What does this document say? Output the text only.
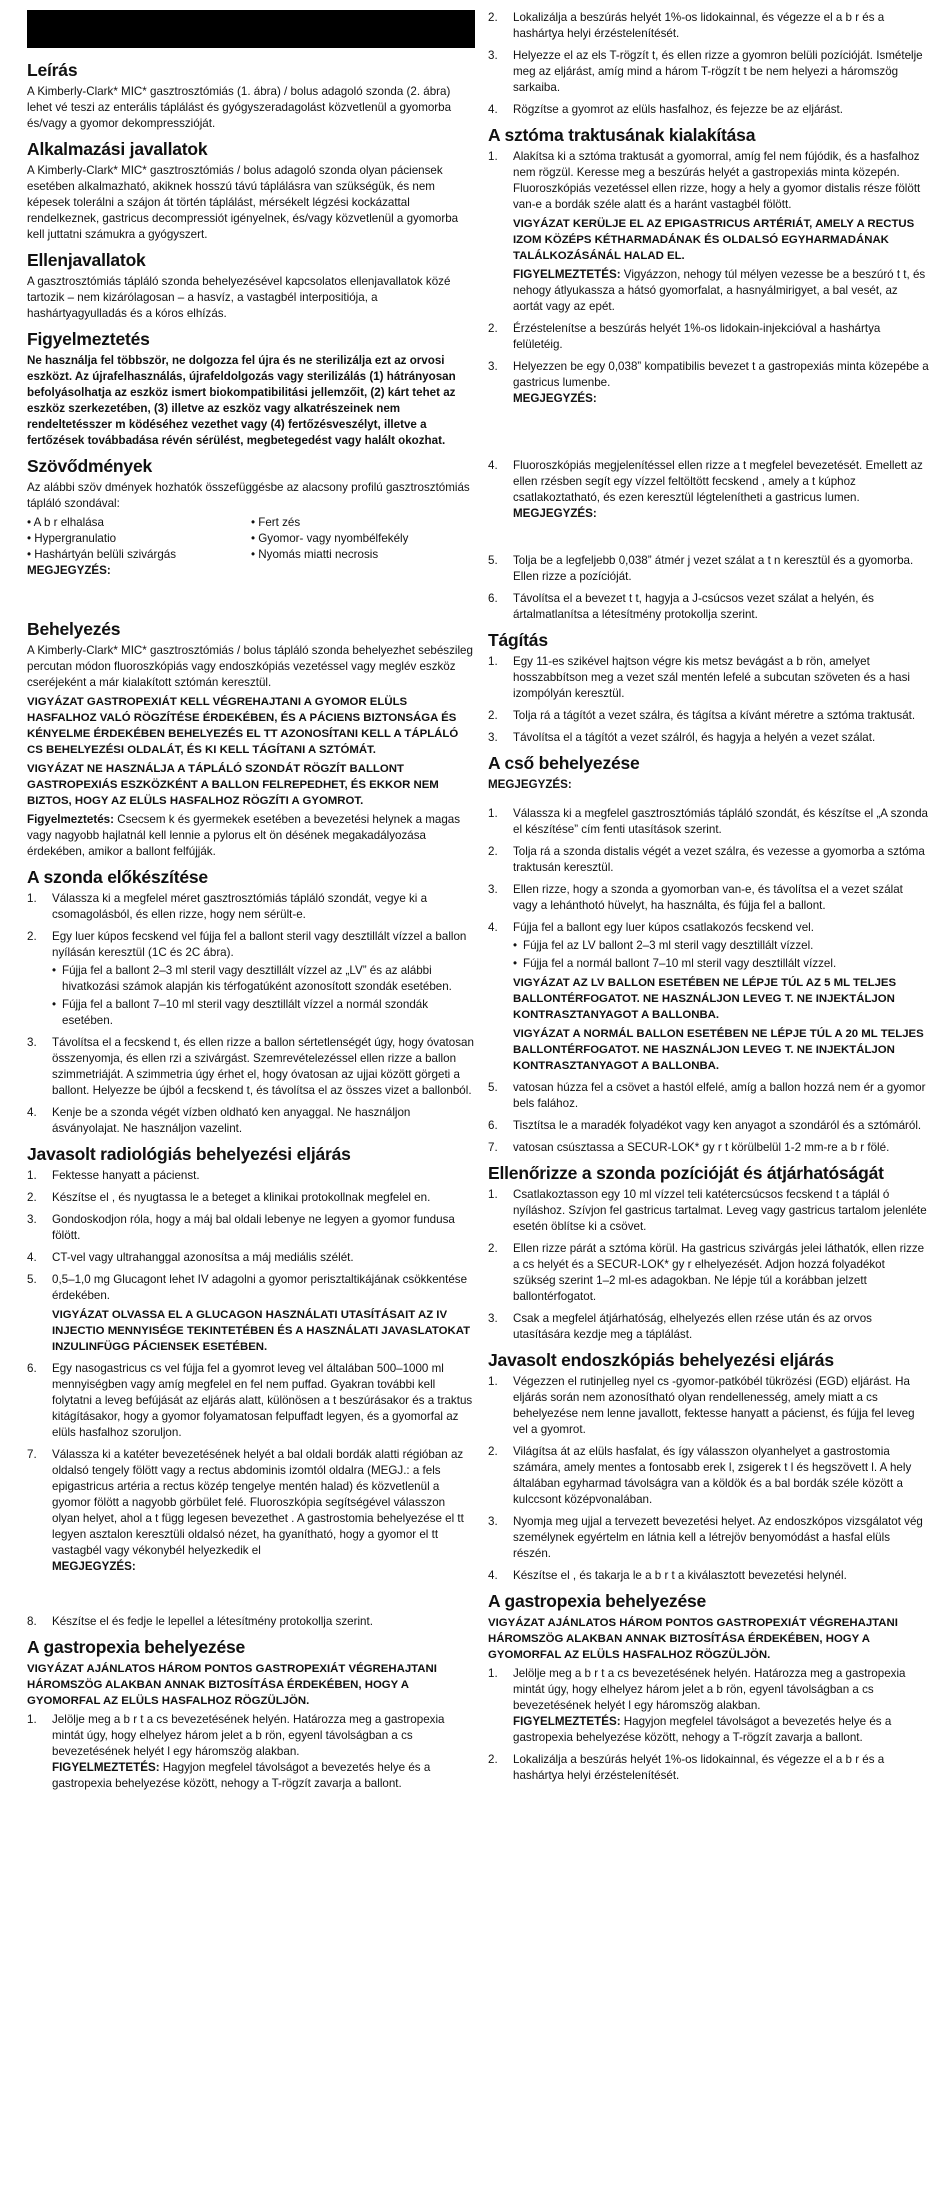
Leírás

A Kimberly-Clark* MIC* gasztrosztómiás (1. ábra) / bolus adagoló szonda (2. ábra) lehet vé teszi az enterális táplálást és gyógyszeradagolást közvetlenül a gyomorba és/vagy a gyomor dekompresszióját.

Alkalmazási javallatok

A Kimberly-Clark* MIC* gasztrosztómiás / bolus adagoló szonda olyan páciensek esetében alkalmazható, akiknek hosszú távú táplálásra van szükségük, és nem képesek tolerálni a szájon át történ táplálást, mérsékelt légzési kockázattal rendelkeznek, gastricus decompressiót igényelnek, és/vagy közvetlenül a gyomorba kell juttatni számukra a gyógyszert.

Ellenjavallatok

A gasztrosztómiás tápláló szonda behelyezésével kapcsolatos ellenjavallatok közé tartozik – nem kizárólagosan – a hasvíz, a vastagbél interpositiója, a hashártyagyulladás és a kóros elhízás.

Figyelmeztetés

Ne használja fel többször, ne dolgozza fel újra és ne sterilizálja ezt az orvosi eszközt. Az újrafelhasználás, újrafeldolgozás vagy sterilizálás (1) hátrányosan befolyásolhatja az eszköz ismert biokompatibilitási jellemzőit, (2) kárt tehet az eszköz szerkezetében, (3) illetve az eszköz vagy alkatrészeinek nem rendeltetésszer m ködéséhez vezethet vagy (4) fertőzésveszélyt, illetve a fertőzések továbbadása révén sérülést, megbetegedést vagy halált okozhat.

Szövődmények

Az alábbi szöv dmények hozhatók összefüggésbe az alacsony profilú gasztrosztómiás tápláló szondával:

• A b r elhalása
• Hypergranulatio
• Hashártyán belüli szivárgás
• Fert zés
• Gyomor- vagy nyombélfekély
• Nyomás miatti necrosis

MEGJEGYZÉS:

Behelyezés

A Kimberly-Clark* MIC* gasztrosztómiás / bolus tápláló szonda behelyezhet sebészileg percutan módon fluoroszkópiás vagy endoszkópiás vezetéssel vagy meglév eszköz cseréjeként a már kialakított sztómán keresztül.

VIGYÁZAT GASTROPEXIÁT KELL VÉGREHAJTANI A GYOMOR ELÜLS HASFALHOZ VALÓ RÖGZÍTÉSE ÉRDEKÉBEN, ÉS A PÁCIENS BIZTONSÁGA ÉS KÉNYELME ÉRDEKÉBEN BEHELYEZÉS EL TT AZONOSÍTANI KELL A TÁPLÁLÓ CS BEHELYEZÉSI OLDALÁT, ÉS KI KELL TÁGÍTANI A SZTÓMÁT.

VIGYÁZAT NE HASZNÁLJA A TÁPLÁLÓ SZONDÁT RÖGZÍT BALLONT GASTROPEXIÁS ESZKÖZKÉNT A BALLON FELREPEDHET, ÉS EKKOR NEM BIZTOS, HOGY AZ ELÜLS HASFALHOZ RÖGZÍTI A GYOMROT.

Figyelmeztetés: Csecsem k és gyermekek esetében a bevezetési helynek a magas vagy nagyobb hajlatnál kell lennie a pylorus elt ön désének megakadályozása érdekében, amikor a ballont felfújják.

A szonda előkészítése
1. Válassza ki a megfelel méret gasztrosztómiás tápláló szondát, vegye ki a csomagolásból, és ellen rizze, hogy nem sérült-e.
2. Egy luer kúpos fecskend vel fújja fel a ballont steril vagy desztillált vízzel a ballon nyílásán keresztül (1C és 2C ábra).
• Fújja fel a ballont 2–3 ml steril vagy desztillált vízzel az „LV” és az alábbi hivatkozási számok alapján kis térfogatúként azonosított szondák esetében.
• Fújja fel a ballont 7–10 ml steril vagy desztillált vízzel a normál szondák esetében.
3. Távolítsa el a fecskend t, és ellen rizze a ballon sértetlenségét úgy, hogy óvatosan összenyomja, és ellen rzi a szivárgást. Szemrevételezéssel ellen rizze a ballon szimmetriáját. A szimmetria úgy érhet el, hogy óvatosan az ujjai között görgeti a ballont. Helyezze be újból a fecskend t, és távolítsa el az összes vizet a ballonból.
4. Kenje be a szonda végét vízben oldható ken anyaggal. Ne használjon ásványolajat. Ne használjon vazelint.
Javasolt radiológiás behelyezési eljárás
1. Fektesse hanyatt a pácienst.
2. Készítse el , és nyugtassa le a beteget a klinikai protokollnak megfelel en.
3. Gondoskodjon róla, hogy a máj bal oldali lebenye ne legyen a gyomor fundusa fölött.
4. CT-vel vagy ultrahanggal azonosítsa a máj mediális szélét.
5. 0,5–1,0 mg Glucagont lehet IV adagolni a gyomor perisztaltikájának csökkentése érdekében.

VIGYÁZAT OLVASSA EL A GLUCAGON HASZNÁLATI UTASÍTÁSAIT AZ IV INJECTIO MENNYISÉGE TEKINTETÉBEN ÉS A HASZNÁLATI JAVASLATOKAT INZULINFÜGG PÁCIENSEK ESETÉBEN.

6. Egy nasogastricus cs vel fújja fel a gyomrot leveg vel általában 500–1000 ml mennyiségben vagy amíg megfelel en fel nem puffad. Gyakran további kell folytatni a leveg befújását az eljárás alatt, különösen a t beszúrásakor és a traktus kitágításakor, hogy a gyomor folyamatosan felpuffadt legyen, és a gyomorfal az elüls hasfalhoz szoruljon.
7. Válassza ki a katéter bevezetésének helyét a bal oldali bordák alatti régióban az oldalsó tengely fölött vagy a rectus abdominis izomtól oldalra (MEGJ.: a fels epigastricus artéria a rectus közép tengelye mentén halad) és közvetlenül a gyomor fölött a nagyobb görbület felé. Fluoroszkópia segítségével válasszon olyan helyet, ahol a t függ legesen bevezethet . A gastrostomia behelyezése el tt legyen asztalon keresztüli oldalsó nézet, ha gyanítható, hogy a gyomor el tt vastagbél vagy vékonybél helyezkedik el

MEGJEGYZÉS:

8. Készítse el és fedje le lepellel a létesítmény protokollja szerint.
A gastropexia behelyezése

VIGYÁZAT AJÁNLATOS HÁROM PONTOS GASTROPEXIÁT VÉGREHAJTANI HÁROMSZÖG ALAKBAN ANNAK BIZTOSÍTÁSA ÉRDEKÉBEN, HOGY A GYOMORFAL AZ ELÜLS HASFALHOZ RÖGZÜLJÖN.

1. Jelölje meg a b r t a cs bevezetésének helyén. Határozza meg a gastropexia mintát úgy, hogy elhelyez három jelet a b rön, egyenl távolságban a cs bevezetésének helyét l egy háromszög alakban.

FIGYELMEZTETÉS: Hagyjon megfelel távolságot a bevezetés helye és a gastropexia behelyezése között, nehogy a T-rögzít zavarja a ballont.

2. Lokalizálja a beszúrás helyét 1%-os lidokainnal, és végezze el a b r és a hashártya helyi érzéstelenítését.
3. Helyezze el az els T-rögzít t, és ellen rizze a gyomron belüli pozícióját. Ismételje meg az eljárást, amíg mind a három T-rögzít t be nem helyezi a háromszög sarkaiba.
4. Rögzítse a gyomrot az elüls hasfalhoz, és fejezze be az eljárást.
A sztóma traktusának kialakítása
1. Alakítsa ki a sztóma traktusát a gyomorral, amíg fel nem fújódik, és a hasfalhoz nem rögzül. Keresse meg a beszúrás helyét a gastropexiás minta közepén. Fluoroszkópiás vezetéssel ellen rizze, hogy a hely a gyomor distalis része fölött van-e a bordák széle alatt és a haránt vastagbél fölött.

VIGYÁZAT KERÜLJE EL AZ EPIGASTRICUS ARTÉRIÁT, AMELY A RECTUS IZOM KÖZÉPS KÉTHARMADÁNAK ÉS OLDALSÓ EGYHARMADÁNAK TALÁLKOZÁSÁNÁL HALAD EL.

FIGYELMEZTETÉS: Vigyázzon, nehogy túl mélyen vezesse be a beszúró t t, és nehogy átlyukassza a hátsó gyomorfalat, a hasnyálmirigyet, a bal vesét, az aortát vagy az epét.

2. Érzéstelenítse a beszúrás helyét 1%-os lidokain-injekcióval a hashártya felületéig.
3. Helyezzen be egy 0,038” kompatibilis bevezet t a gastropexiás minta közepébe a gastricus lumenbe.

MEGJEGYZÉS:

4. Fluoroszkópiás megjelenítéssel ellen rizze a t megfelel bevezetését. Emellett az ellen rzésben segít egy vízzel feltöltött fecskend , amely a t kúphoz csatlakoztatható, és ezen keresztül légtelenítheti a gastricus lumen.

MEGJEGYZÉS:

5. Tolja be a legfeljebb 0,038” átmér j vezet szálat a t n keresztül és a gyomorba. Ellen rizze a pozícióját.
6. Távolítsa el a bevezet t t, hagyja a J-csúcsos vezet szálat a helyén, és ártalmatlanítsa a létesítmény protokollja szerint.
Tágítás
1. Egy 11-es szikével hajtson végre kis metsz bevágást a b rön, amelyet hosszabbítson meg a vezet szál mentén lefelé a subcutan szöveten és a hasi izompólyán keresztül.
2. Tolja rá a tágítót a vezet szálra, és tágítsa a kívánt méretre a sztóma traktusát.
3. Távolítsa el a tágítót a vezet szálról, és hagyja a helyén a vezet szálat.
A cső behelyezése

MEGJEGYZÉS:

1. Válassza ki a megfelel gasztrosztómiás tápláló szondát, és készítse el „A szonda el készítése” cím fenti utasítások szerint.
2. Tolja rá a szonda distalis végét a vezet szálra, és vezesse a gyomorba a sztóma traktusán keresztül.
3. Ellen rizze, hogy a szonda a gyomorban van-e, és távolítsa el a vezet szálat vagy a lehánthotó hüvelyt, ha használta, és fújja fel a ballont.
4. Fújja fel a ballont egy luer kúpos csatlakozós fecskend vel.
• Fújja fel az LV ballont 2–3 ml steril vagy desztillált vízzel.
• Fújja fel a normál ballont 7–10 ml steril vagy desztillált vízzel.

VIGYÁZAT AZ LV BALLON ESETÉBEN NE LÉPJE TÚL AZ 5 ML TELJES BALLONTÉRFOGATOT. NE HASZNÁLJON LEVEG T. NE INJEKTÁLJON KONTRASZTANYAGOT A BALLONBA.

VIGYÁZAT A NORMÁL BALLON ESETÉBEN NE LÉPJE TÚL A 20 ML TELJES BALLONTÉRFOGATOT. NE HASZNÁLJON LEVEG T. NE INJEKTÁLJON KONTRASZTANYAGOT A BALLONBA.

5. vatosan húzza fel a csövet a hastól elfelé, amíg a ballon hozzá nem ér a gyomor bels falához.
6. Tisztítsa le a maradék folyadékot vagy ken anyagot a szondáról és a sztómáról.
7. vatosan csúsztassa a SECUR-LOK* gy r t körülbelül 1-2 mm-re a b r fölé.
Ellenőrizze a szonda pozícióját és átjárhatóságát
1. Csatlakoztasson egy 10 ml vízzel teli katétercsúcsos fecskend t a táplál ó nyíláshoz. Szívjon fel gastricus tartalmat. Leveg vagy gastricus tartalom jelenléte esetén öblítse ki a csövet.
2. Ellen rizze párát a sztóma körül. Ha gastricus szivárgás jelei láthatók, ellen rizze a cs helyét és a SECUR-LOK* gy r elhelyezését. Adjon hozzá folyadékot szükség szerint 1–2 ml-es adagokban. Ne lépje túl a korábban jelzett ballontérfogatot.
3. Csak a megfelel átjárhatóság, elhelyezés ellen rzése után és az orvos utasítására kezdje meg a táplálást.
Javasolt endoszkópiás behelyezési eljárás
1. Végezzen el rutinjelleg nyel cs -gyomor-patkóbél tükrözési (EGD) eljárást. Ha eljárás során nem azonosítható olyan rendellenesség, amely miatt a cs behelyezése nem lenne javallott, fektesse hanyatt a pácienst, és fújja fel leveg vel a gyomrot.
2. Világítsa át az elüls hasfalat, és így válasszon olyanhelyet a gastrostomia számára, amely mentes a fontosabb erek l, zsigerek t l és hegszövett l. A hely általában egyharmad távolságra van a köldök és a bal bordák széle között a kulccsont középvonalában.
3. Nyomja meg ujjal a tervezett bevezetési helyet. Az endoszkópos vizsgálatot vég személynek egyértelm en látnia kell a létrejöv benyomódást a hasfal elüls részén.
4. Készítse el , és takarja le a b r t a kiválasztott bevezetési helynél.
A gastropexia behelyezése

VIGYÁZAT AJÁNLATOS HÁROM PONTOS GASTROPEXIÁT VÉGREHAJTANI HÁROMSZÖG ALAKBAN ANNAK BIZTOSÍTÁSA ÉRDEKÉBEN, HOGY A GYOMORFAL AZ ELÜLS HASFALHOZ RÖGZÜLJÖN.

1. Jelölje meg a b r t a cs bevezetésének helyén. Határozza meg a gastropexia mintát úgy, hogy elhelyez három jelet a b rön, egyenl távolságban a cs bevezetésének helyét l egy háromszög alakban.

FIGYELMEZTETÉS: Hagyjon megfelel távolságot a bevezetés helye és a gastropexia behelyezése között, nehogy a T-rögzít zavarja a ballont.

2. Lokalizálja a beszúrás helyét 1%-os lidokainnal, és végezze el a b r és a hashártya helyi érzéstelenítését.
